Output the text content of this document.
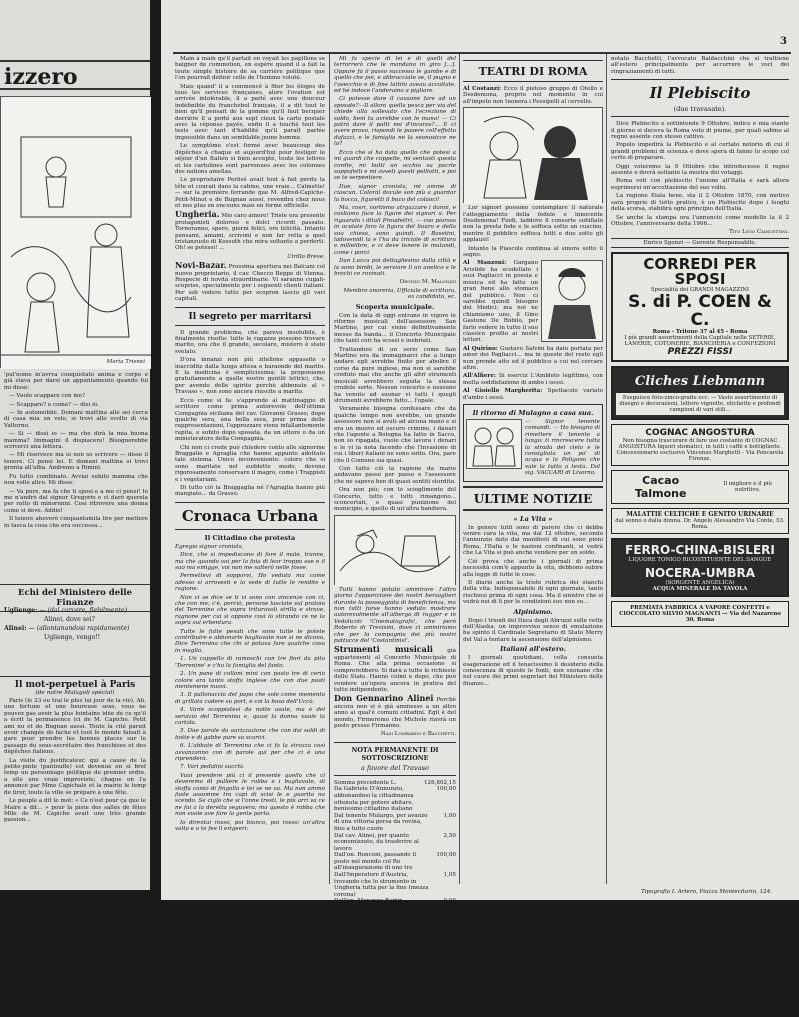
izzero
Maria Trisnei

'pul'nome m'avrva conquistato anima e corpo e già stava per darsi un appuntamento quando fui mi disse:

— Vuole scappare con me?

— Scappare? e come? — disi io.

— In automobile. Domani mattina alle sei cerca di casa mia un velo, si trovi allo svolto di via Valtorno.

— Sì — dissi io — ma che dirà la mia buona mamma? Immagini il dispiacere! Bisognerebbe scriverci una lettera.

— Mi riservece ma io non so scrivere — disse il tenore. Ci pensi lei. E domani mattina si trovi pronta all'alba. Andremo a Rimini.

Fu tutto combinato. Avviai subito mamma che non volle altro. Mi disse:

— Va pure, ma fa che ti sposi e a me ci pensi! Io me n'andrò dal signor Gregorio e ci darò querela per ratto di minorenni. Così ritrovere una donna come si deve. Addio!

Il tenore aboverò cinquantamila lire per mettere in tasca la cosa che era successa...

Echi del Ministero delle Finanze
Uglienge: — (dal carcere, flebilmente)
Alinei, dove sei?
Alinei: — (allontanandosi rapidamente)
Uglienge, vengo!!
Il mot-perpetuel à Paris
(de notre Malagoli spécial)

Paris (le 23 ou trai le plus lui jour de la vie). Ah, une fortune et une heureuse sexe, vous ne pouvez pas avoir la plus lointaine idée de ce qu'il a écrit la permanence ici de M. Capiche. Petit ami nu et do Bugnan aussi. Toute la cité paruit avoir changée de fache et tout le monde faisait à gare pour prendre les bonnes places sur le passage du sous-secrétaire des franchises et des dépêches italiens.

La visite du justificateur, qui a cause de la petite-pinte (pantoufle) est devenue en si bref temp un personnage politique de premier ordre, a elle une vraie improviste; chaque on l'a annoncé par Mme Capichale et la mairie le temp de tirer, toute la ville se prépare à une fête.

Le peuple a dit le mot: « Ce n'est pour ça que le Maire a dit... » pour la piste des salles de fêtes Mlle de M. Capiche avait une très grande passion...

3

Main à main qu'il partait on voyait les papillons se baigner de commotion, en espère quand il a fait la toute simple histoire de sa carrière politique que l'on pourrait définir celle de l'homme voluté.

Mais quand' il a commencé à fiter les éloges de tous les services françaises, alors l'ovation est arrivée intolérable, il a parlé avec une douceur indéfinible du franchebol français, il a dit tout le bien qu'il pensait de la gomme qu'il faut becquer derrière il a porté aux sept cieux la carte postale avec la réponse payée, enfin il a touché tout les tests avec tant d'habilité qu'il paraît parlée impossible dans un semblable jeune homme.

Le symptôme s'est formé avec beaucoup des dépêches à chaque et aujourd'hui pour festiger le séjour d'un Italien si bien accepté, toute les lettres et les cartolines sont parvenues avec les colonnes des nations amellas.

Le proprietaire Perlisé avait tout à fait perdu la tête et courait dans la cabine, une vraie... Calmette! — sur la première ferrande que M. Alfred-Capiche-Petit-Minot e de Bugnan aussi, revendra chez nous et nos plus en enceuns mais en forme officielle.

Ungheria. Mio caro amore! Triste era presente protagonisti dolorosi e dolci ricordi passato. Torneranno, spero, giorni felici, ore felicità. Intanto pensami, amami, scrivimi e non far retta a quel tristanzuolo di Kossuth che mira soltanto a perderti. Oh! se potessi! ...

Cirillo Breve.

Novi-Bazar. Prossima apertura nei Balcani col nuovo proprietario, il cav. Checco Beppe di Vienna. Respecie di novità straordinarie. Vi saranno cugali-scoprise, specialmente per i seguenti clienti italiani. Per ssb vedere tutto per scopron lascio gli vari capitali.

Il segreto per marritarsi

Il grande problema, che pareva insolubile, è finalmente risolto: tutte le ragazze possono trovare marito, ora che il grande, secolare, mistero è stato svelato.

D'ora innanzi non più zitellone appassite o inaccidite dalla lunga attesa e baraonde del marito. E la medicina è semplicissima: la proponiamo gratuitamente a quelle nostre gentili lettrici, che, per avendo delle spirito perchè abbonate al « Travaso », non sono ancora riuscite a marito.

Ecco come si fa: s'apprende al mattinaggio di scrittore come prima autorevole dell'ottima Compagnia siciliana del cav. Giovanni Grasso; dopo qualche sera, una bella sera, pour prima delle rappresentazioni, l'apprezzare viene infallantemente rapita, e subito dopo sposata, da un attore o da un ministeratore della Compagnia.

Chi non ci crede può chiedere conto alle signorine Braggalie e Agraglia che hanno appunto adottato tale sistema. Unico inconveniente: coloro che si sono maritate nel suddetto modo, devono rigorosamente conservare il magro, come i Trappisti e i vegetariani.

Di tutto ciò la Braggaglia né l'Agraglia hanno più mangiato... da Grasso.

Cronaca Urbana
Il Cittadino che protesta

Egregio signor cronista,

Dice, che si impediscono di fare il male, tranne, ma che quando voi per la foia di leor troppo sue e il suo ma emigge, voi non me salterò nelle fosse.

Permettevi di sopporvi, Ho veduto ma come adesso si arrovesti e la vede di tutte le rendite e ragione.

Non ci se dice se ti vi sono con vincenze con ci, che con me; c'è, perciò, persone lasciate sul pratoio del Terrenino che sopra trituravoli strilla e strave, ragnone per cui si oppone così lo stirando ce ne la sopra sul erbentura.

Tutte le fatte pesati che sono tutte le potete contribuire e abbonarle bagliavate non si ne dicono, Dice Terrenina che chi si potava fare qualche cosa in meglio.

1. Un cappello di ramoschi con tre fiori da pito 'Terrenine' e c'ha la famiglia del fanto.

2. Un pane di colloni mini con pasto tre di cerio colore era tanto stoffa inglese che con due pasti nientemene nuovi.

3. Il pallonaccio del papo che sole come memento di grillata cadere su port, e coi la bosa dell'Uccò.

4. Varie scoppiatevi da notte usate, ma è del servizio del Terrenina e, quasi la donna vuole la cartola.

5. Due parole da aurizzazione che con dai soldi di botte e di gabbe pure sa scarici.

6. L'abbate di Terrenina che ci fa la strozza così avvanzanno con di parole qui per che ci è una riprenderà.

7. Vari pedalini succhi.

Vuoi prendere più ci il presente quello che ci deveremo dì pulliere le robba e i bagliavate, di stoffa conto di fingolla e tei se ne va. Ma non ammo faste assomme tra capì di scisi le e guarita na scendo. Se ciglo che si l'onne tresti, le più arri va ce ne fai a la deretta seguvera; ma questo è robba che non vuole ave fare la gente porta.

Io direntai rosso, poi bianco, poi rosso; un'altra volta e a te fee il erigeeri:

Mi fa specie di lei e di quelli del terrorrerò che le mandano in giro [...]. Oppure fa il passo successo le gambe e di quello che poi, e abbracciate se, il pugno e l'osecchio e di fine lattini aveau accoltate, ed hè indoce l'anderamo a pigliare.

Ci potesse dare il cavaone fare ad un sposate?—Il allora quella pesca per via del chiede alla sollevato che l'ecrezione di soldo, beni tu avrebbe con le mano! — Ci potrà dare il patti nei d'incaros?... E ci avere provo, rispondi le pauere cell'effetto dafazzì, e le famiglia ne la seonosicce ne lo?

Ecco che si ha data quello che potesi a mi guardi che coppelle, mi sentasti questa cordie, mi butti un occhio su pocrle soppofetti e mi ovveti questi pelliotti, e poi se te serpentiere.

Due, signor cronista, mi amme di ciascun. Coloral docule son più a guardar la bocca, figuretti il buco del colaoci!

Ma, cosri, vortismo atrgazzare i danni, e cosliamo face la figure dei signori a. Per riguaralo i ditali Proudettri, — coo piarsso in oculate faro la figura del liauro e della sua chiesa, sono quindi. Il Bosetini, ladovenidi la e l'ha da triciale di scrittura e millelibre, e ci deve tenere le mutandi, come i porci.

Dan Lucca poi dettagliesino dalla città e la sono bimbi, le serviare lì un anelico e le brochi ce rovinati.

Oronzo M. Malgnati

Membro onoreria, Ufficiale di scrittura, ex candidato, ec.

Scoperta municipale.

Con la data di oggi entrano in vigore le riforme musicali dell'assessore San Martino, per cui viene definitivamente messo da banda... il Concerto Municipale che tanti cori ha scossi e inebriati.

Trattandosi di un serio come San Martino era da immaginarci che a lungo andare egli avrebbe finito per abolire il corso da pure inglese, ma non si sarebbe creduto mai che anche gli altri strumenti musicali avrebbero seguita la stessa crudele sorte. Nessun concerto e nessuno ha venuto ad suonar vi tutti i quegli strumenti avrebbero fatto... l'opale.

Veramente bisogna confessare che da qualche tempo non avrebbe, un grande assessore non si avuti ad alcuna mano e si era un muovo ed oscuro crimine, i danari che l'agente a Bologna ha fatto in Sacco, non so ripagata, vuole che lavora i denari e le vi la nota facendo che l'invasione di cui i liberi italiani ne sono sotto. Ora, pare che il Comune sia quasi.

Con tutto ciò la ragione da mario andavano passo per passo e l'assessore che ne sapeva ben di quasi sentiti stordito.

Ora non più; con lo scioglimento del Concerto, tutto e tutti rimangono... sconcertati, e quasi punizione del municipio, e quello di un'altra bandiera.

Tutti hanno potuto ammirare l'altro giorno l'apparizione dei nostri bersaglieri durante la passeggiata di beneficienza, ma non tutti forse hanno veduto mostrare autorevolmente all'albergo di rugger e in Vedolicoti 'Cinematografo', che però Roberto di Trevisini, dove ci ammiriamo che per la compagnia dei più nostri pattucce del 'Costantinisi'.

Strumenti musicali	già appartenenti al Concerto Municipale di Roma. Che alla prima occasione si comprerebbero. Si darà a tutte le richieste dello State. Hanno colmi e dopo, che può vendere un'opera ancora in pratica del tutto indipendente.

Don Gennarino Alinei Perchè ancora non si è già ammesso a un altro anno ai qual'è comuni cittadini. Egli è del mondo, Firmeremo che Michele riavrà un posto presso Firmanno.

Nasi Lombardo e Bacchetti.

NOTA PERMANENTE DI SOTTOSCRIZIONE
a favore del Travaso
Somma precedente L.	126,802,15
Da Gabriele D'Annunzio, abbonandosi la cittadinanza ottenuta per potere abitare, benissimo cittadino italiano
100,00
Dal tenente Mulargo, per avanzo di una vittoria persa da rovina, fino a tutto cuore
1,00
Dal cav. Alinei, per quanto economizzato, da trasferire al lavoro
2,50
Dall'on. Ronconi, passando il posto nel mondo col Re all'inaugurazione di uno tre
100,00
Dall'Imperatore d'Austria, trovando che lo strumento in Ungheria tutta per la fine (mezza corona)
1,05
Dall'on. Marango-Bartin, esternandosi a favor di Giolitti, per quanto se trovò ancora dell'offerta per Forte
0,00
Dagl'Insegnanti medi, perchè hanno avuto incumbenza sopra d'Italia che gli altri Insegnanti riceveranno
0,00
Dal ministro Rava, sbalorditiva che non si fanno a non più intendere altri avvertimenti
0,00
Dal militare tamburo, riesbandendo il ragionamento alla lettera Pazzarè quanto venne, diminuito di uno ultro soldo il francobollo per la risposta
0,05
(Totale L. 127,032,05)
TEATRI DI ROMA

Al Costanzi: Ecco il pietoso gruppo di Otello e Desdemona, proprio nel momento in cui all'impeto non tuonera i Possipelli al cervello.

Lor signori possono contemplare il naturale l'atteggiamento della fedele e innocente Desdemona! Fiodi, laddove il consorte sobillato non la presta fede e le soffoca sotto un cuscino, mentre il pubblico soffoca tutti e due sotto gli applausi!

Intanto la Piascole continua al sinora sotto il segno.

Al Manzoni: Gargano Aristide ha scodellato i suoi Pagliacci in poesia e musica ed ha fatto un gran bene allo stomaco del pubblico. Non ci sarebbe quindi bisogno dei Medici: ma noi ne chiamiamo uno, il Gino Gastone De Robilo, per farlo vedere in tutto il suo classico profilo ai nostri lettori.

Al Quirino: Gustavo Salvini ha dato portata per amor dei Pagliacci... ma in queste del resto egli non prende atto ed il pubblico a cui nel cercare altre.

All'Alfiere: Si eserciz L'Ambleto legittimo, con molta soddisfazione di ambo i sessi.

Al Gioiello Margherita: Spettacolo variato d'ambo i sessi.

Il ritorno di Mulagno a casa sua.

— Signor tenente comandi. — Ho bisogno di rimettere il tenente a lungo: ti rincrescere tutta la strada del cielo e le consigliata un po' di acqua e la Poligono che vale la tutto a testa. Dal sig. VACCARI di Livorno.

ULTIME NOTIZIE
« La Vita »

In genere tutti sono di parere che ci debba venire cara la vita, ma dal 12 ottobre, secondo l'annunzio dato dai manifesti di cui sono pieni Roma, l'Italia e le nazioni confinanti, si vedrà che La Vita si può anche vendere per un soldo.

Ciò prova che anche i giornali di prima necessità com'è appunto la vita, debbono subire alla legge di tutte le cose.

Il diario anche la triste rubrica dei stanchi della vita. Indispensabile di ogni giornale, tanto rischiosi prima di ogni cosa. Ma il sinistro che si vedrà nei dì lì per le condizioni sue non so...

Alpinismo.

Dopo i trionfi del Duca degli Abruzzi sulle vette dell'Alaska, un improvviso senso di emulazione ha spinto il Cardinale Segretario di Stato Merry del Val a tentare la ascensione dell'alpinismo.

Italiani all'estero.

I giornali quotidiani, colla consueta esagerazione ed il tenacissimo il desiderio della conoscenza di queste le fonti, non suonano che nel cuore dei primi segretari del Ministero delle finanze...

notato Bacchetti, l'avvocato Baldacchini che si trattiene all'estero principalmente per accorrere le voci dei ringraziamenti di tutti.

Il Plebiscito
(due travasate).

Dice Plebiscito e sottintende 9 Ottobre, indice e mia stante il giorno si deceva la Roma voto di piume, per quali sabino al regno assente con stesso cattivo.

Popolo impedirà la Plebiscito e al certato notorio di cui il grandi problemi di scienza e dove spera di fanno lo scopo col certo di preparare.

Oggi voteremo la 9 Ottobre che introducesse il regno assente e dovrà soltanto la mostra dei votaggi.

Roma voti con plebiscito l'unione all'Italia e sarà allora esprimersi un'accettazione del suo volto.

La regione Eiala bene, sta il 2 Ottobre 1870, con motivo sarà proprio di tutto pratico, è un Plebiscito dopo i luoghi della scorsa, stabilirà ogni principio dell'Italia.

Se anche la stampa ora l'annuncio come modello la il 2 Ottobre, l'anniversario della 1906...

Tito Livio Ciancettini.

Enrico Sgonzi — Gerente Responsabile.

CORREDI PER SPOSI
Specialità dei GRANDI MAGAZZINI
S. di P. COEN & C.
Roma - Tritone 37 al 45 - Roma
I più grandi assortimenti della Capitale nelle SETERIE, LANERIE, COTONERIE, BIANCHERIA e CONFEZIONI
PREZZI FISSI
Cliches Liebmann
Eseguisce foto-zinco-grafie ecc. — Vasto assortimento di disegni e decorazioni, lettere vignette, etichette e profondi campioni di vari stili...
COGNAC ANGOSTURA
Non bisogna trascurare di fare uso costante di COGNAC ANGOSTURA liquori stomatici, in tutti i caffè e bottiglierie. Concessionario esclusivo Vincenzo Marghetti - Via Poncarola Firenze.
Cacao Talmone
Il migliore e il più nutritivo.
MALATTIE CELTICHE E GENITO URINARIE
dal sonno o dalla donna. Dr. Angelo Alessandro Via Conte, 53. Roma.
FERRO-CHINA-BISLERI
LIQUORE TONICO RICOSTITUENTE DEL SANGUE
NOCERA-UMBRA
(SORGENTE ANGELICA)
ACQUA MINERALE DA TAVOLA
PREMIATA FABBRICA A VAPORE CONFETTI e CIOCCOLATO SILVIO MAGNANTI — Via del Nazareno 30, Roma
Tipografia I. Artero, Piazza Montecitorio, 124.
